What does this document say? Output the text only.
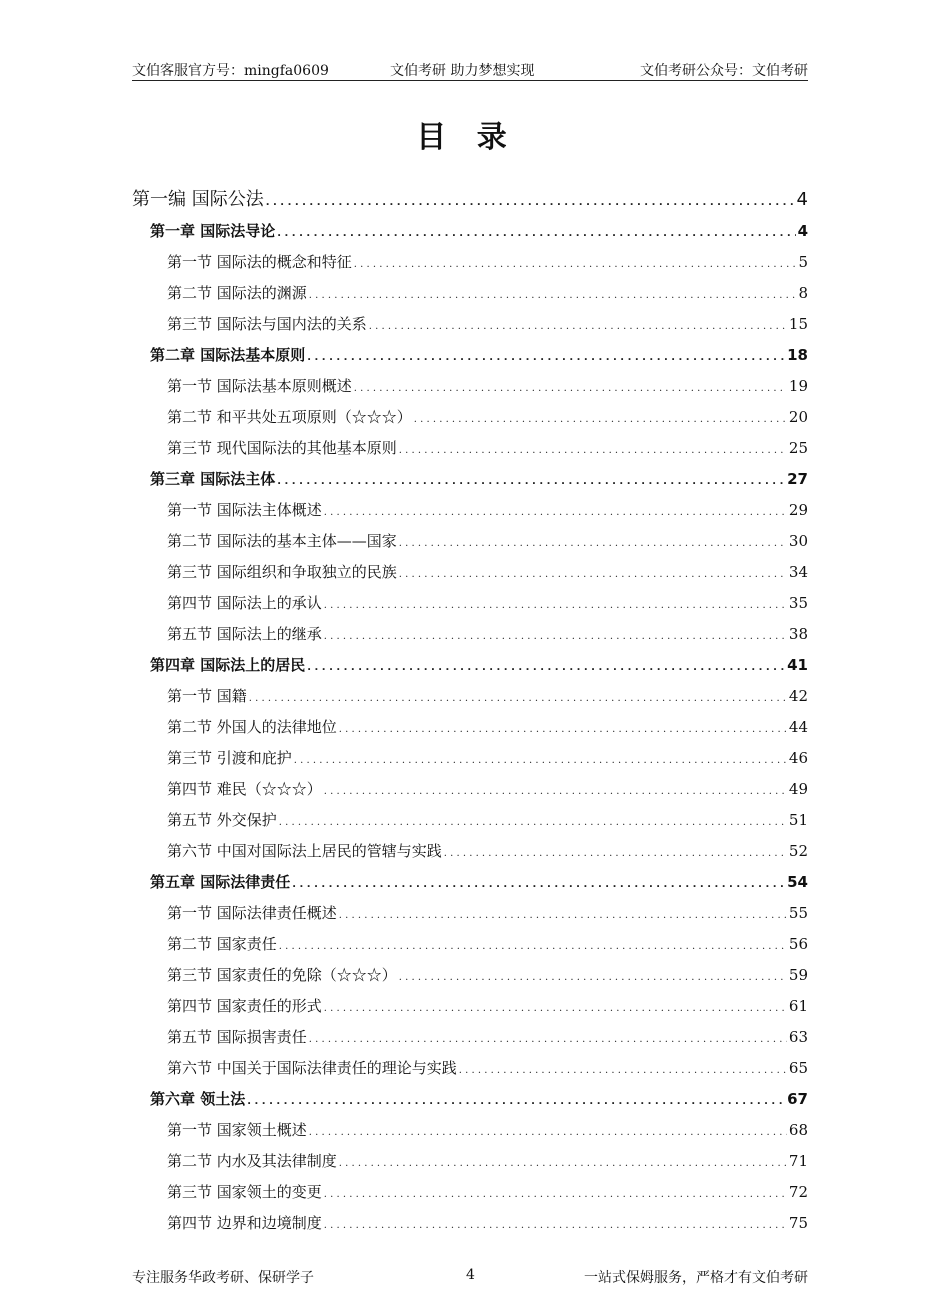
文伯客服官方号：mingfa0609	文伯考研 助力梦想实现	文伯考研公众号：文伯考研
目 录
第一编 国际公法 . . .	4
第一章 国际法导论 . . .	4
第一节 国际法的概念和特征 . . .	5
第二节 国际法的渊源 . . .	8
第三节 国际法与国内法的关系 . . .	15
第二章 国际法基本原则 . . .	18
第一节 国际法基本原则概述 . . .	19
第二节 和平共处五项原则（☆☆☆） . . .	20
第三节 现代国际法的其他基本原则 . . .	25
第三章 国际法主体 . . .	27
第一节 国际法主体概述 . . .	29
第二节 国际法的基本主体——国家 . . .	30
第三节 国际组织和争取独立的民族 . . .	34
第四节 国际法上的承认 . . .	35
第五节 国际法上的继承 . . .	38
第四章 国际法上的居民 . . .	41
第一节 国籍 . . .	42
第二节 外国人的法律地位 . . .	44
第三节 引渡和庇护 . . .	46
第四节 难民（☆☆☆） . . .	49
第五节 外交保护 . . .	51
第六节 中国对国际法上居民的管辖与实践 . . .	52
第五章 国际法律责任 . . .	54
第一节 国际法律责任概述 . . .	55
第二节 国家责任 . . .	56
第三节 国家责任的免除（☆☆☆） . . .	59
第四节 国家责任的形式 . . .	61
第五节 国际损害责任 . . .	63
第六节 中国关于国际法律责任的理论与实践 . . .	65
第六章 领土法 . . .	67
第一节 国家领土概述 . . .	68
第二节 内水及其法律制度 . . .	71
第三节 国家领土的变更 . . .	72
第四节 边界和边境制度 . . .	75
专注服务华政考研、保研学子	4	一站式保姆服务，严格才有文伯考研
